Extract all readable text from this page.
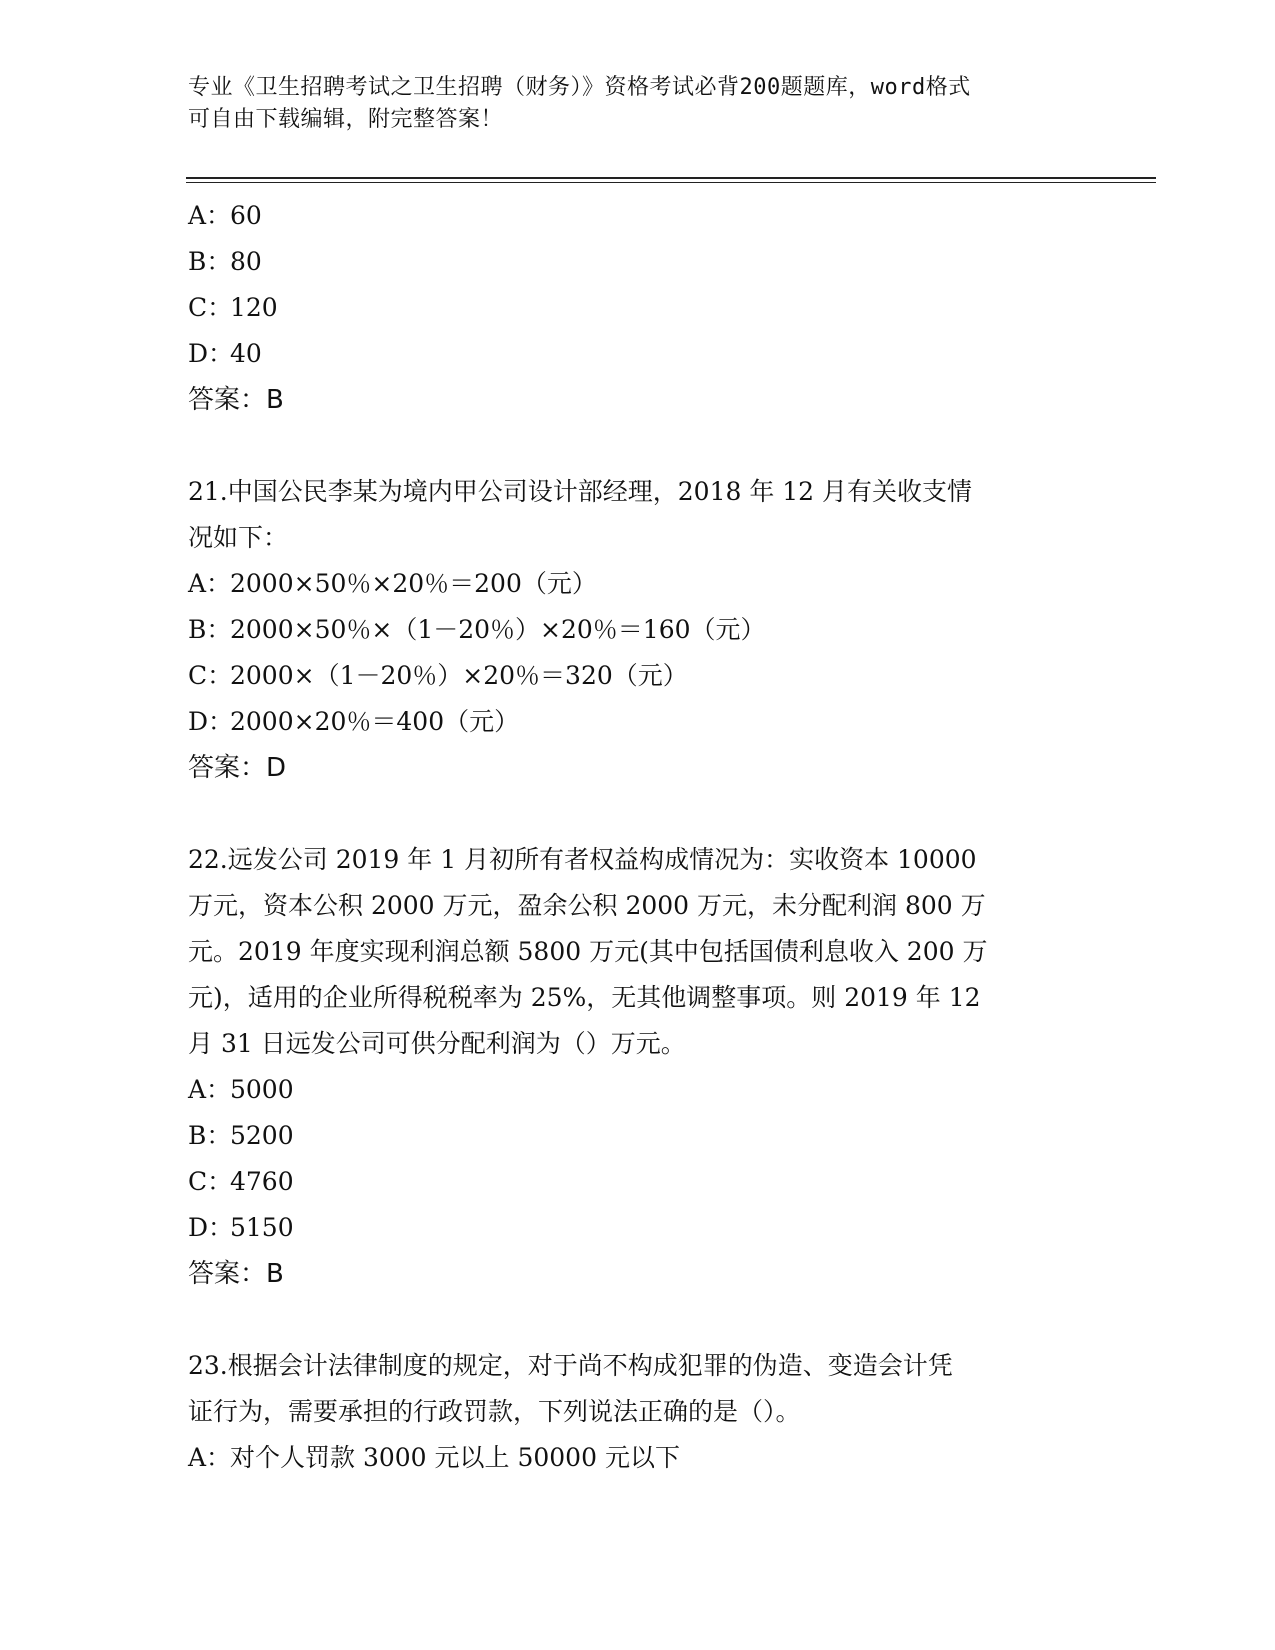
专业《卫生招聘考试之卫生招聘（财务）》资格考试必背200题题库，word格式
可自由下载编辑，附完整答案！
A：60
B：80
C：120
D：40
答案：B
21.中国公民李某为境内甲公司设计部经理，2018 年 12 月有关收支情
况如下：
A：2000×50％×20％＝200（元）
B：2000×50％×（1－20％）×20％＝160（元）
C：2000×（1－20％）×20％＝320（元）
D：2000×20％＝400（元）
答案：D
22.远发公司 2019 年 1 月初所有者权益构成情况为：实收资本 10000
万元，资本公积 2000 万元，盈余公积 2000 万元，未分配利润 800 万
元。2019 年度实现利润总额 5800 万元(其中包括国债利息收入 200 万
元)，适用的企业所得税税率为 25%，无其他调整事项。则 2019 年 12
月 31 日远发公司可供分配利润为（）万元。
A：5000
B：5200
C：4760
D：5150
答案：B
23.根据会计法律制度的规定，对于尚不构成犯罪的伪造、变造会计凭
证行为，需要承担的行政罚款，下列说法正确的是（）。
A：对个人罚款 3000 元以上 50000 元以下
